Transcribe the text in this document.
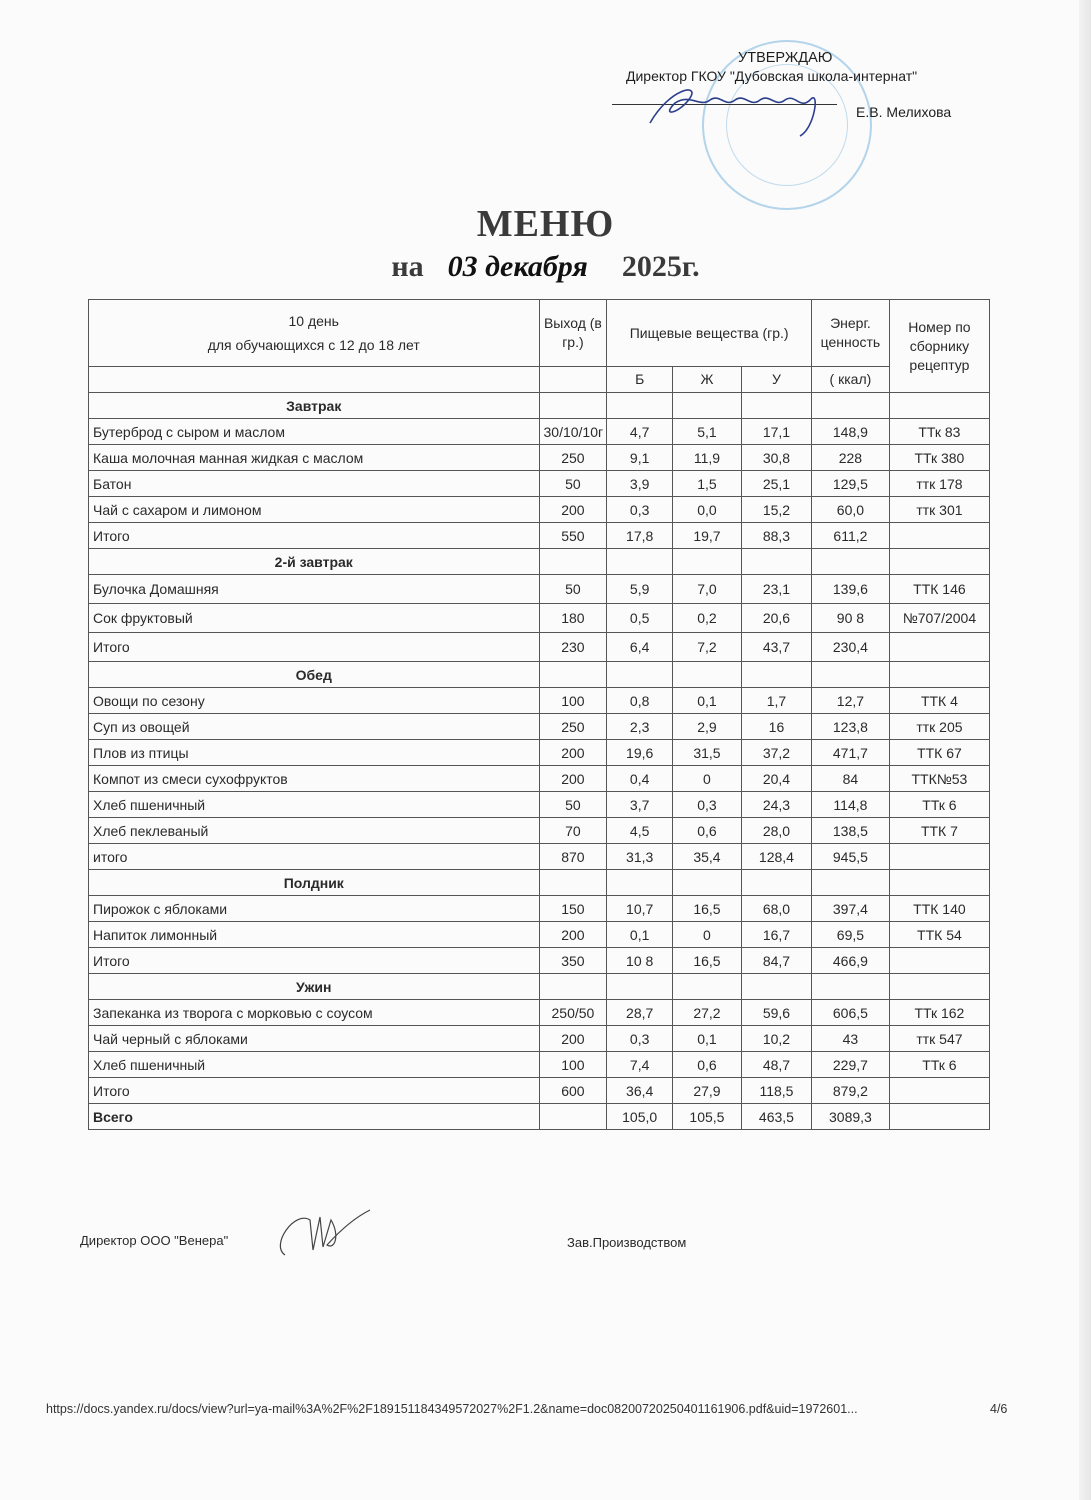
УТВЕРЖДАЮ
Директор ГКОУ "Дубовская школа-интернат"
Е.В. Мелихова
МЕНЮ
на 03 декабря 2025г.
10 день
для обучающихся с 12 до 18 лет	Выход (в гр.)	Пищевые вещества (гр.)			Энерг. ценность	Номер по сборнику рецептур
		Б	Ж	У	( ккал)	
Завтрак						
Бутерброд с сыром и маслом	30/10/10г	4,7	5,1	17,1	148,9	ТТк 83
Каша молочная манная жидкая с маслом	250	9,1	11,9	30,8	228	ТТк 380
Батон	50	3,9	1,5	25,1	129,5	ттк 178
Чай с сахаром и лимоном	200	0,3	0,0	15,2	60,0	ттк 301
Итого	550	17,8	19,7	88,3	611,2	
2-й завтрак						
Булочка Домашняя	50	5,9	7,0	23,1	139,6	ТТК 146
Сок фруктовый	180	0,5	0,2	20,6	90 8	№707/2004
Итого	230	6,4	7,2	43,7	230,4	
Обед						
Овощи по сезону	100	0,8	0,1	1,7	12,7	ТТК 4
Суп из овощей	250	2,3	2,9	16	123,8	ттк 205
Плов из птицы	200	19,6	31,5	37,2	471,7	ТТК 67
Компот из смеси сухофруктов	200	0,4	0	20,4	84	ТТК№53
Хлеб пшеничный	50	3,7	0,3	24,3	114,8	ТТк 6
Хлеб пеклеваный	70	4,5	0,6	28,0	138,5	ТТК 7
итого	870	31,3	35,4	128,4	945,5	
Полдник						
Пирожок с яблоками	150	10,7	16,5	68,0	397,4	ТТК 140
Напиток лимонный	200	0,1	0	16,7	69,5	ТТК 54
Итого	350	10 8	16,5	84,7	466,9	
Ужин						
Запеканка из творога с морковью с соусом	250/50	28,7	27,2	59,6	606,5	ТТк 162
Чай черный с яблоками	200	0,3	0,1	10,2	43	ттк 547
Хлеб пшеничный	100	7,4	0,6	48,7	229,7	ТТк 6
Итого	600	36,4	27,9	118,5	879,2	
Всего		105,0	105,5	463,5	3089,3	
Директор ООО "Венера"	Зав.Производством
https://docs.yandex.ru/docs/view?url=ya-mail%3A%2F%2F189151184349572027%2F1.2&name=doc08200720250401161906.pdf&uid=1972601...	4/6
